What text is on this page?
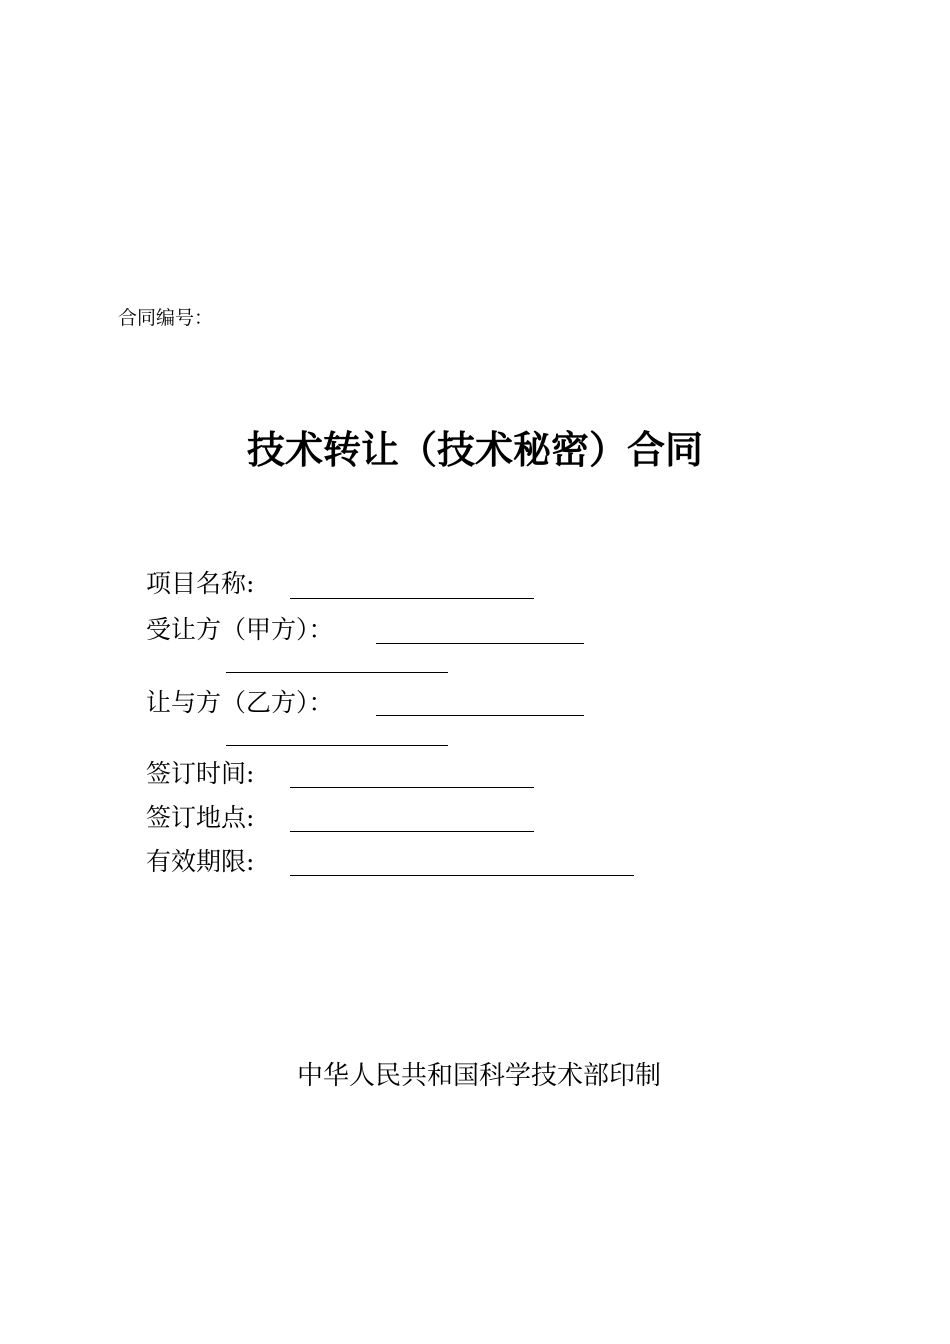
合同编号：
技术转让（技术秘密）合同
项目名称:
受让方（甲方）：
让与方（乙方）：
签订时间:
签订地点:
有效期限:
中华人民共和国科学技术部印制
